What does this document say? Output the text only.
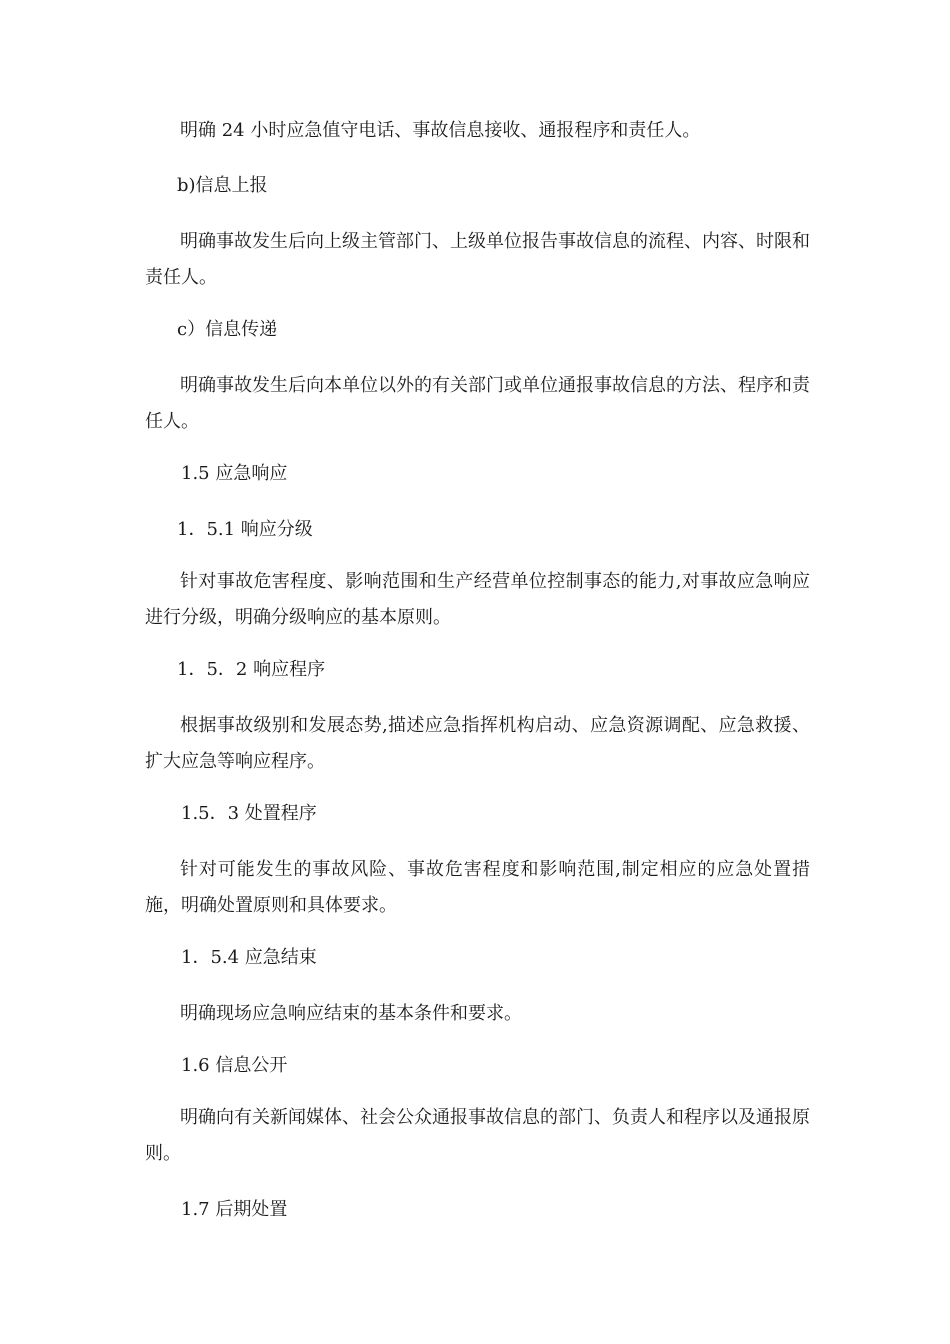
明确 24 小时应急值守电话、事故信息接收、通报程序和责任人。

b)信息上报

明确事故发生后向上级主管部门、上级单位报告事故信息的流程、内容、时限和责任人。

c）信息传递

明确事故发生后向本单位以外的有关部门或单位通报事故信息的方法、程序和责任人。

1.5 应急响应

1．5.1 响应分级

针对事故危害程度、影响范围和生产经营单位控制事态的能力,对事故应急响应进行分级，明确分级响应的基本原则。

1．5．2 响应程序

根据事故级别和发展态势,描述应急指挥机构启动、应急资源调配、应急救援、扩大应急等响应程序。

1.5．3 处置程序

针对可能发生的事故风险、事故危害程度和影响范围,制定相应的应急处置措施，明确处置原则和具体要求。

1．5.4 应急结束

明确现场应急响应结束的基本条件和要求。

1.6 信息公开

明确向有关新闻媒体、社会公众通报事故信息的部门、负责人和程序以及通报原则。

1.7 后期处置
